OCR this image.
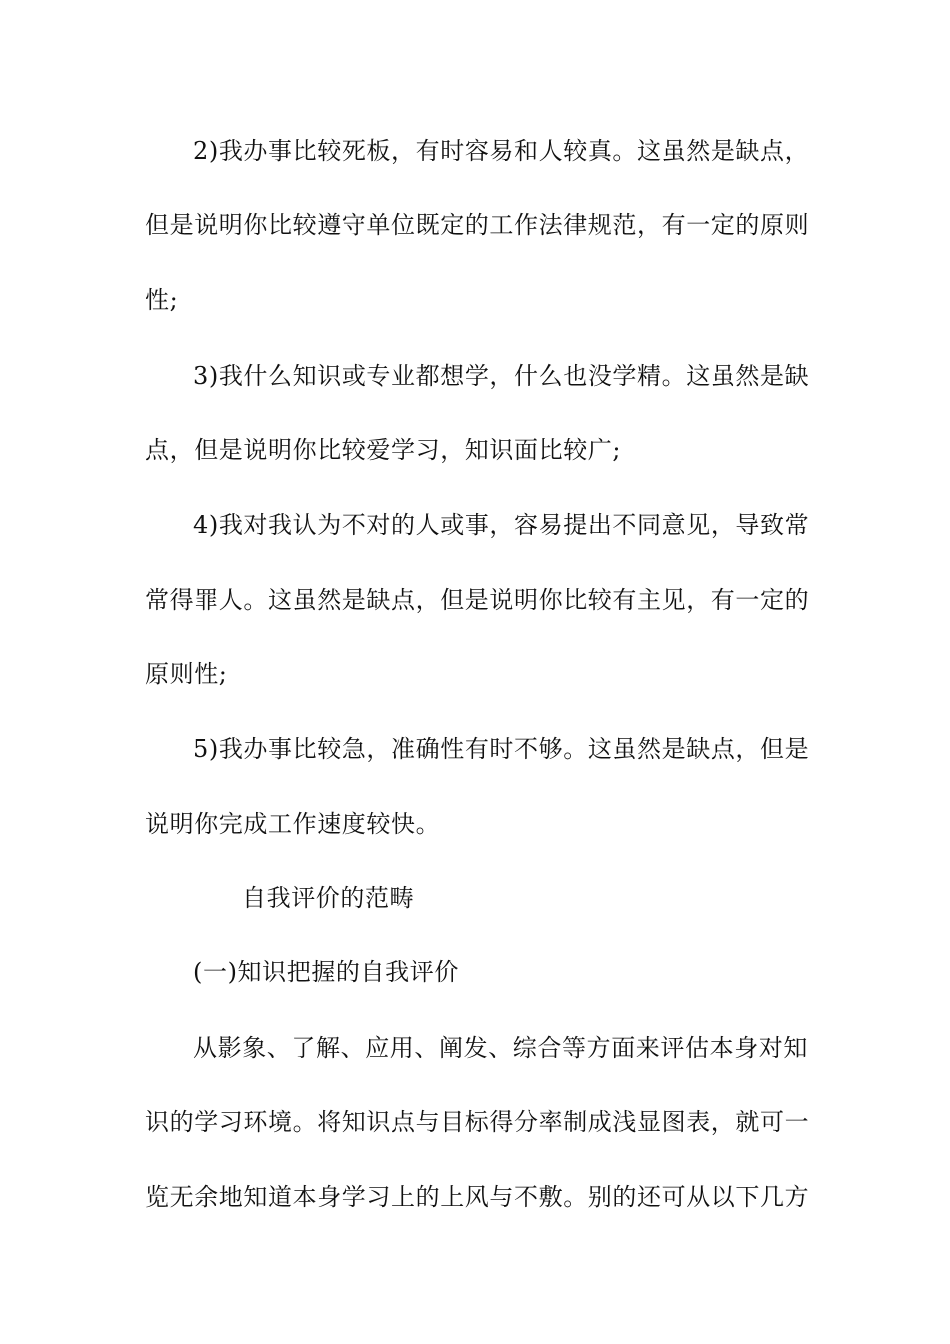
2)我办事比较死板，有时容易和人较真。这虽然是缺点，
但是说明你比较遵守单位既定的工作法律规范，有一定的原则
性;
3)我什么知识或专业都想学，什么也没学精。这虽然是缺
点，但是说明你比较爱学习，知识面比较广;
4)我对我认为不对的人或事，容易提出不同意见，导致常
常得罪人。这虽然是缺点，但是说明你比较有主见，有一定的
原则性;
5)我办事比较急，准确性有时不够。这虽然是缺点，但是
说明你完成工作速度较快。
自我评价的范畴
(一)知识把握的自我评价
从影象、了解、应用、阐发、综合等方面来评估本身对知
识的学习环境。将知识点与目标得分率制成浅显图表，就可一
览无余地知道本身学习上的上风与不敷。别的还可从以下几方
